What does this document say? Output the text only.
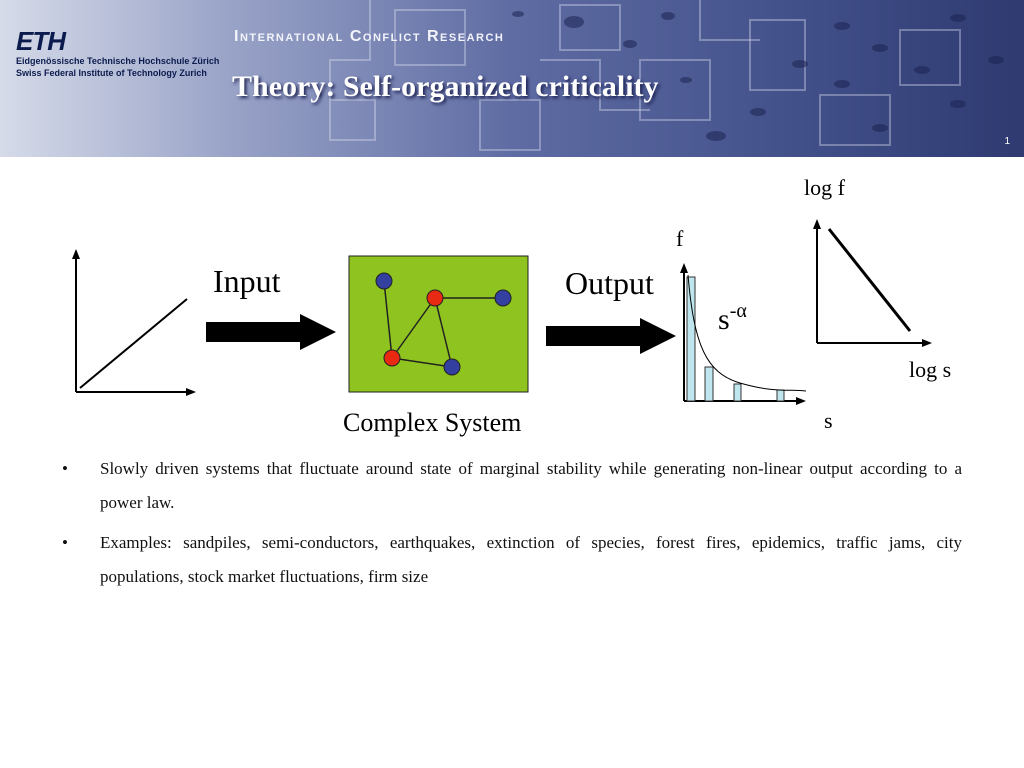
ETH
Eidgenössische Technische Hochschule Zürich
Swiss Federal Institute of Technology Zurich
International Conflict Research
Theory: Self-organized criticality
1
Input
Complex System
Output
f
s
$s^{-\alpha}$
log f
log s
• Slowly driven systems that fluctuate around state of marginal stability while generating non-linear output according to a power law.
• Examples: sandpiles, semi-conductors, earthquakes, extinction of species, forest fires, epidemics, traffic jams, city populations, stock market fluctuations, firm size
